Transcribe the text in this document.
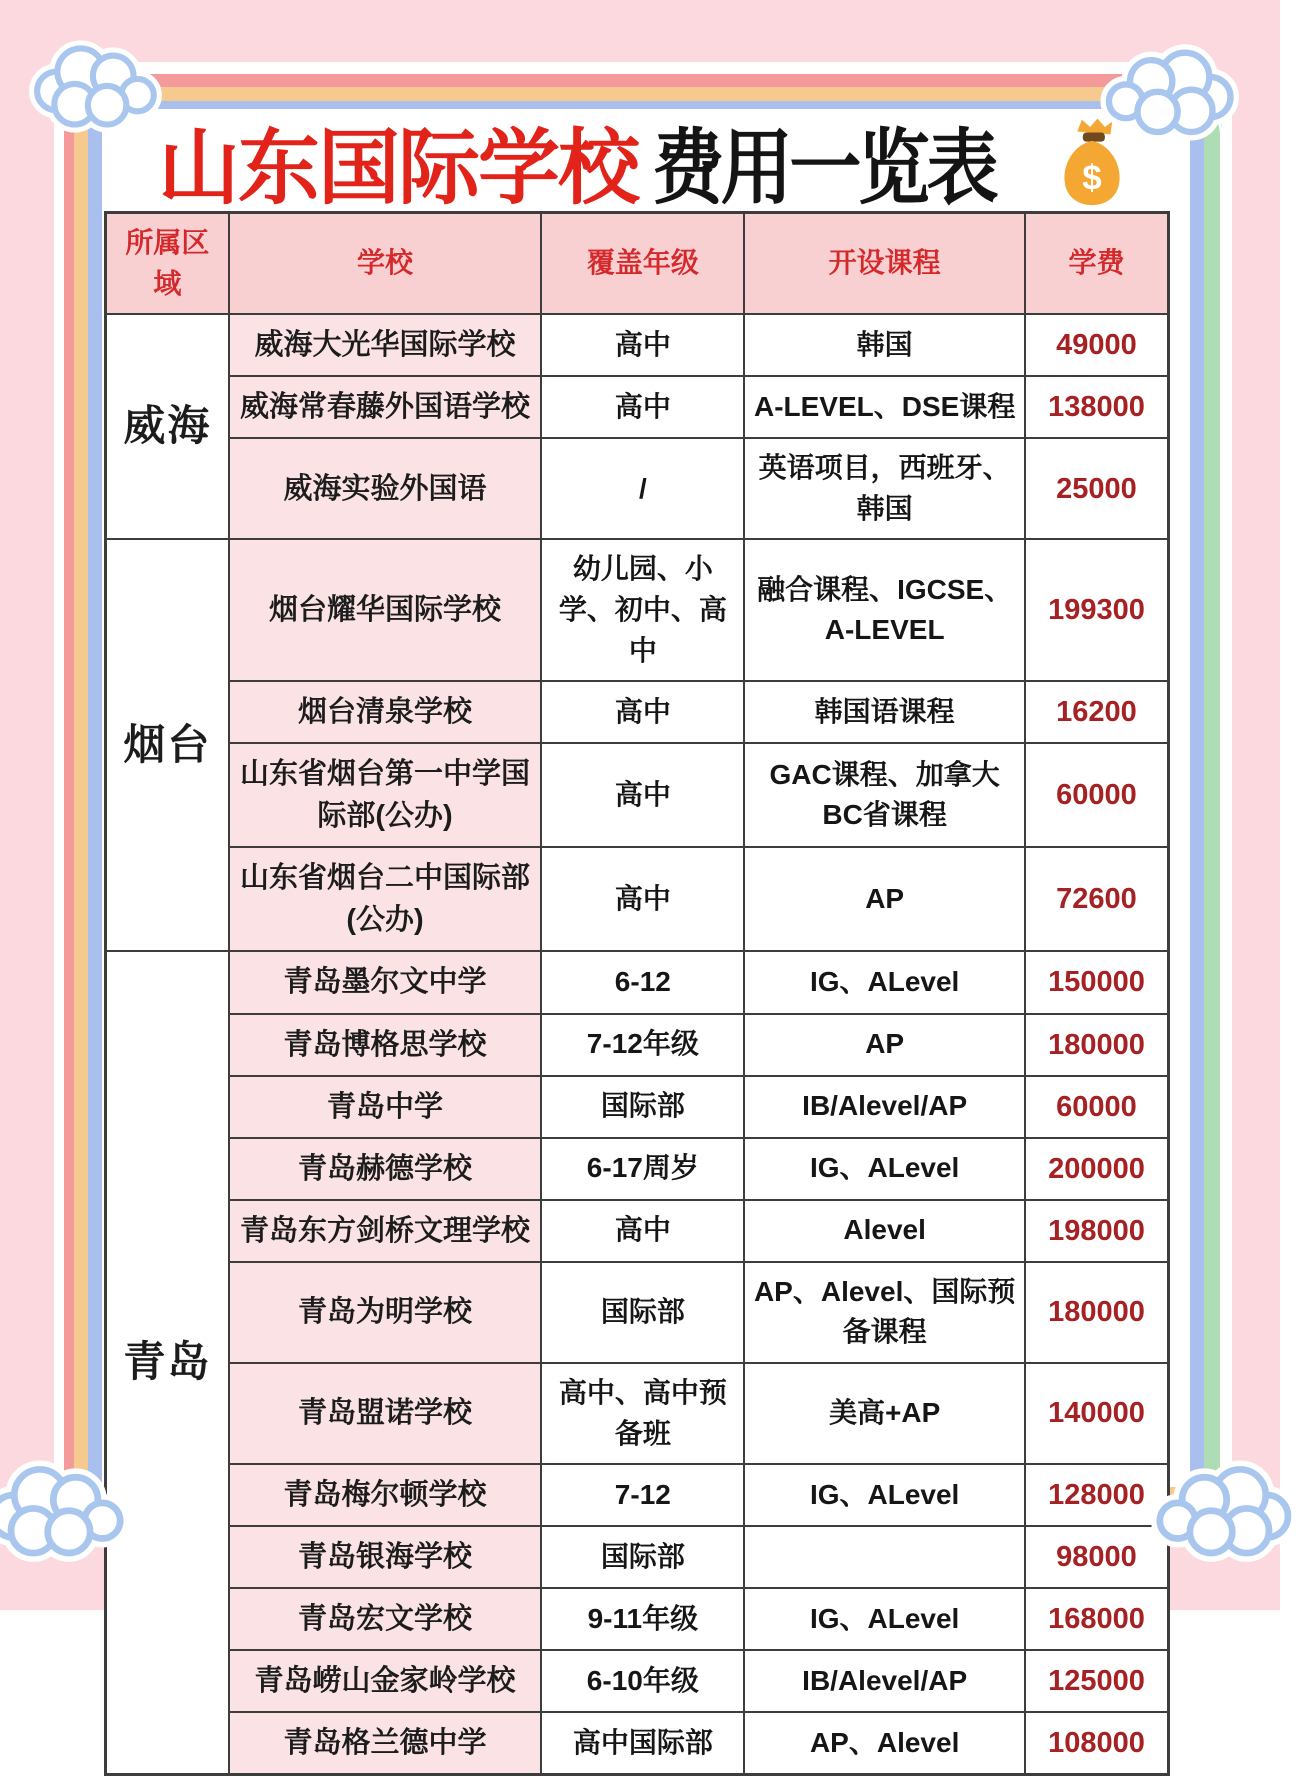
山东国际学校 费用一览表 $
所属区域	学校	覆盖年级	开设课程	学费
威海	威海大光华国际学校	高中	韩国	49000
	威海常春藤外国语学校	高中	A-LEVEL、DSE课程	138000
	威海实验外国语	/	英语项目，西班牙、韩国	25000
烟台	烟台耀华国际学校	幼儿园、小学、初中、高中	融合课程、IGCSE、A-LEVEL	199300
	烟台清泉学校	高中	韩国语课程	16200
	山东省烟台第一中学国际部(公办)	高中	GAC课程、加拿大BC省课程	60000
	山东省烟台二中国际部(公办)	高中	AP	72600
青岛	青岛墨尔文中学	6-12	IG、ALevel	150000
	青岛博格思学校	7-12年级	AP	180000
	青岛中学	国际部	IB/Alevel/AP	60000
	青岛赫德学校	6-17周岁	IG、ALevel	200000
	青岛东方剑桥文理学校	高中	Alevel	198000
	青岛为明学校	国际部	AP、Alevel、国际预备课程	180000
	青岛盟诺学校	高中、高中预备班	美高+AP	140000
	青岛梅尔顿学校	7-12	IG、ALevel	128000
	青岛银海学校	国际部		98000
	青岛宏文学校	9-11年级	IG、ALevel	168000
	青岛崂山金家岭学校	6-10年级	IB/Alevel/AP	125000
	青岛格兰德中学	高中国际部	AP、Alevel	108000
